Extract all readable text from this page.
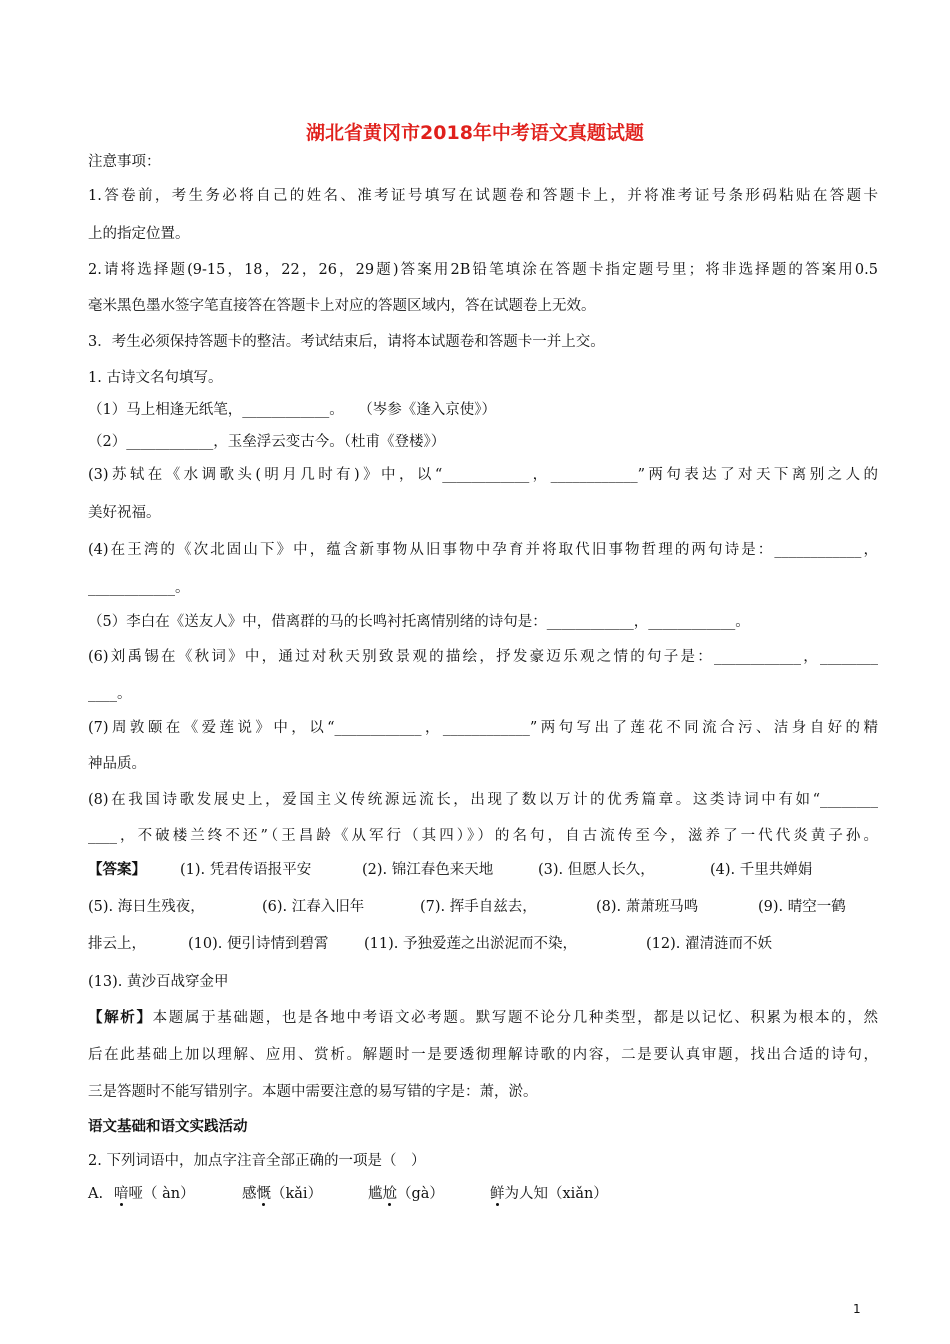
湖北省黄冈市2018年中考语文真题试题
注意事项：
1.答卷前，考生务必将自己的姓名、准考证号填写在试题卷和答题卡上，并将准考证号条形码粘贴在答题卡
上的指定位置。
2.请将选择题(9-15，18，22，26，29题)答案用2B铅笔填涂在答题卡指定题号里；将非选择题的答案用0.5
毫米黑色墨水签字笔直接答在答题卡上对应的答题区域内，答在试题卷上无效。
3．考生必须保持答题卡的整洁。考试结束后，请将本试题卷和答题卡一并上交。
1. 古诗文名句填写。
（1）马上相逢无纸笔，____________。　　（岑参《逢入京使》）
（2）____________，玉垒浮云变古今。（杜甫《登楼》）
(3)苏轼在《水调歌头(明月几时有)》中，以“____________，____________”两句表达了对天下离别之人的
美好祝福。
(4)在王湾的《次北固山下》中，蕴含新事物从旧事物中孕育并将取代旧事物哲理的两句诗是：____________，
____________。
（5）李白在《送友人》中，借离群的马的长鸣衬托离情别绪的诗句是：____________，____________。
(6)刘禹锡在《秋词》中，通过对秋天别致景观的描绘，抒发豪迈乐观之情的句子是：____________，________
____。
(7)周敦颐在《爱莲说》中，以“____________，____________”两句写出了莲花不同流合污、洁身自好的精
神品质。
(8)在我国诗歌发展史上，爱国主义传统源远流长，出现了数以万计的优秀篇章。这类诗词中有如“________
____，不破楼兰终不还”（王昌龄《从军行（其四）》）的名句，自古流传至今，滋养了一代代炎黄子孙。
【答案】 (1). 凭君传语报平安	(2). 锦江春色来天地	(3). 但愿人长久，	(4). 千里共婵娟
(5). 海日生残夜，	(6). 江春入旧年	(7). 挥手自兹去，	(8). 萧萧班马鸣	(9). 晴空一鹤
排云上，	(10). 便引诗情到碧霄 (11). 予独爱莲之出淤泥而不染，	(12). 濯清涟而不妖
(13). 黄沙百战穿金甲
【解析】本题属于基础题，也是各地中考语文必考题。默写题不论分几种类型，都是以记忆、积累为根本的，然
后在此基础上加以理解、应用、赏析。解题时一是要透彻理解诗歌的内容，二是要认真审题，找出合适的诗句，
三是答题时不能写错别字。本题中需要注意的易写错的字是：萧，淤。
语文基础和语文实践活动
2. 下列词语中，加点字注音全部正确的一项是（　）
A. 喑哑（ àn）	感慨（kǎi）	尴尬（gà）	鲜为人知（xiǎn）
1
